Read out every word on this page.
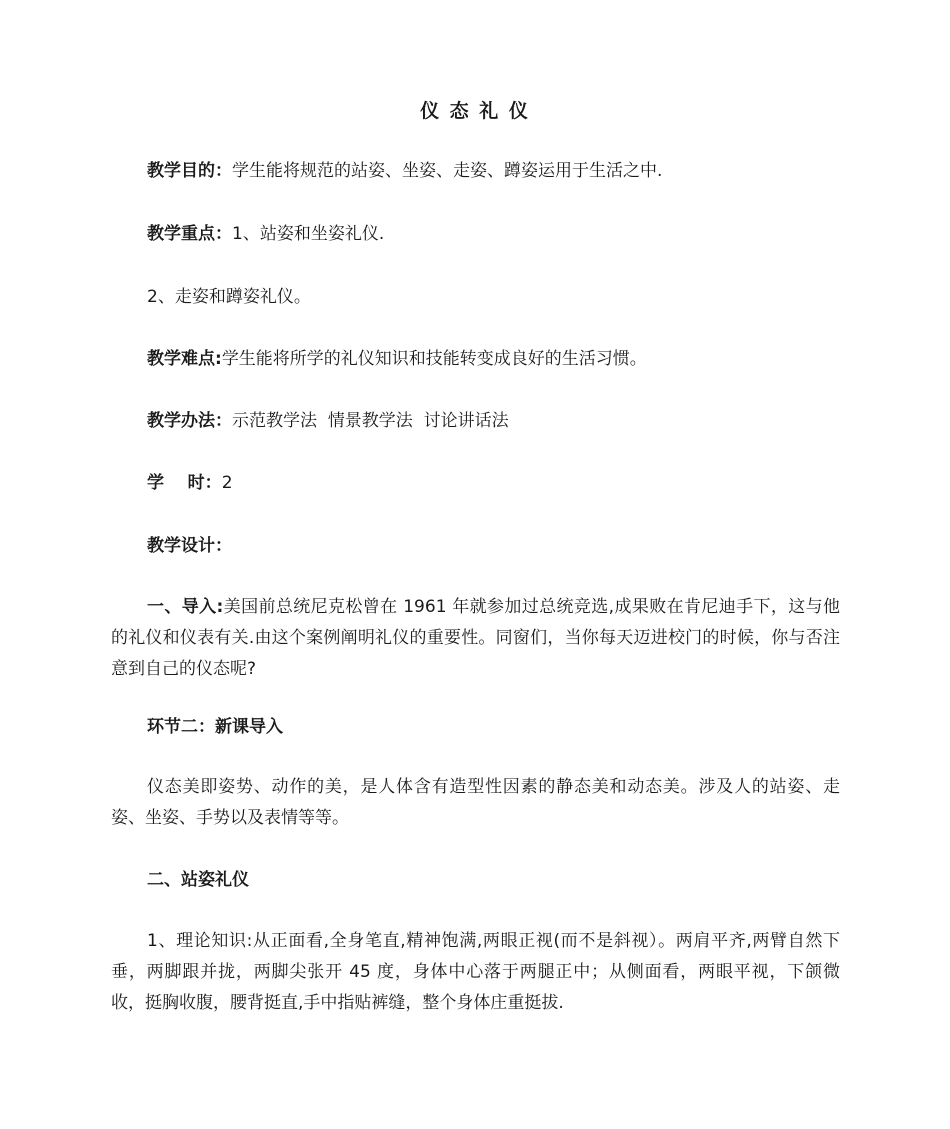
仪 态 礼 仪
教学目的：学生能将规范的站姿、坐姿、走姿、蹲姿运用于生活之中.
教学重点：1、站姿和坐姿礼仪.
2、走姿和蹲姿礼仪。
教学难点:学生能将所学的礼仪知识和技能转变成良好的生活习惯。
教学办法：示范教学法  情景教学法  讨论讲话法
学    时：2
教学设计：
一、导入:美国前总统尼克松曾在 1961 年就参加过总统竞选,成果败在肯尼迪手下，这与他的礼仪和仪表有关.由这个案例阐明礼仪的重要性。同窗们，当你每天迈进校门的时候，你与否注意到自己的仪态呢?
环节二：新课导入
仪态美即姿势、动作的美，是人体含有造型性因素的静态美和动态美。涉及人的站姿、走姿、坐姿、手势以及表情等等。
二、站姿礼仪
1、理论知识:从正面看,全身笔直,精神饱满,两眼正视(而不是斜视）。两肩平齐,两臂自然下垂，两脚跟并拢，两脚尖张开 45 度，身体中心落于两腿正中；从侧面看，两眼平视，下颌微收，挺胸收腹，腰背挺直,手中指贴裤缝，整个身体庄重挺拔.
